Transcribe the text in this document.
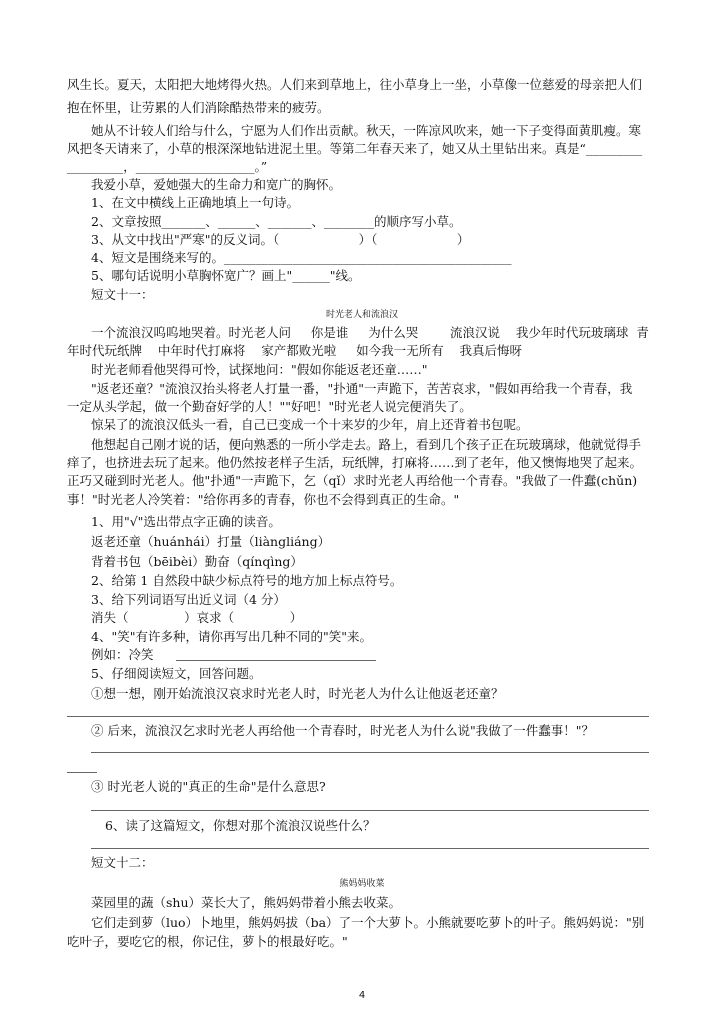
风生长。夏天，太阳把大地烤得火热。人们来到草地上，往小草身上一坐，小草像一位慈爱的母亲把人们
抱在怀里，让劳累的人们消除酷热带来的疲劳。
她从不计较人们给与什么，宁愿为人们作出贡献。秋天，一阵凉风吹来，她一下子变得面黄肌瘦。寒
风把冬天请来了，小草的根深深地钻进泥土里。等第二年春天来了，她又从土里钻出来。真是“_________
_________，___________________。”
我爱小草，爱她强大的生命力和宽广的胸怀。
1、在文中横线上正确地填上一句诗。
2、文章按照_______、______、_______、________的顺序写小草。
3、从文中找出"严寒"的反义词。（                    ）（                    ）
4、短文是围绕来写的。______________________________________________
5、哪句话说明小草胸怀宽广？画上"______"线。
短文十一：
时光老人和流浪汉
一个流浪汉呜呜地哭着。时光老人问     你是谁     为什么哭        流浪汉说    我少年时代玩玻璃球  青
年时代玩纸牌    中年时代打麻将    家产都败光啦     如今我一无所有    我真后悔呀
时光老师看他哭得可怜，试探地问："假如你能返老还童……"
"返老还童？"流浪汉抬头将老人打量一番，"扑通"一声跪下，苦苦哀求，"假如再给我一个青春，我
一定从头学起，做一个勤奋好学的人！""好吧！"时光老人说完便消失了。
惊呆了的流浪汉低头一看，自己已变成一个十来岁的少年，肩上还背着书包呢。
他想起自己刚才说的话，便向熟悉的一所小学走去。路上，看到几个孩子正在玩玻璃球，他就觉得手
痒了，也挤进去玩了起来。他仍然按老样子生活，玩纸牌，打麻将……到了老年，他又懊悔地哭了起来。
正巧又碰到时光老人。他"扑通"一声跪下，乞（qǐ）求时光老人再给他一个青春。"我做了一件蠢(chǔn)
事！"时光老人冷笑着："给你再多的青春，你也不会得到真正的生命。"
1、用"√"选出带点字正确的读音。
返老还童（huánhái）打量（liàngliáng）
背着书包（bēibèi）勤奋（qínqìng）
2、给第 1 自然段中缺少标点符号的地方加上标点符号。
3、给下列词语写出近义词（4 分）
消失（              ）哀求（              ）
4、"笑"有许多种，请你再写出几种不同的"笑"来。
例如：冷笑
5、仔细阅读短文，回答问题。
①想一想，刚开始流浪汉哀求时光老人时，时光老人为什么让他返老还童？
② 后来，流浪汉乞求时光老人再给他一个青春时，时光老人为什么说"我做了一件蠢事！"？
③ 时光老人说的"真正的生命"是什么意思?
6、读了这篇短文，你想对那个流浪汉说些什么？
短文十二：
熊妈妈收菜
菜园里的蔬（shu）菜长大了，熊妈妈带着小熊去收菜。
它们走到萝（luo）卜地里，熊妈妈拔（ba）了一个大萝卜。小熊就要吃萝卜的叶子。熊妈妈说："别
吃叶子，要吃它的根，你记住，萝卜的根最好吃。"
4
